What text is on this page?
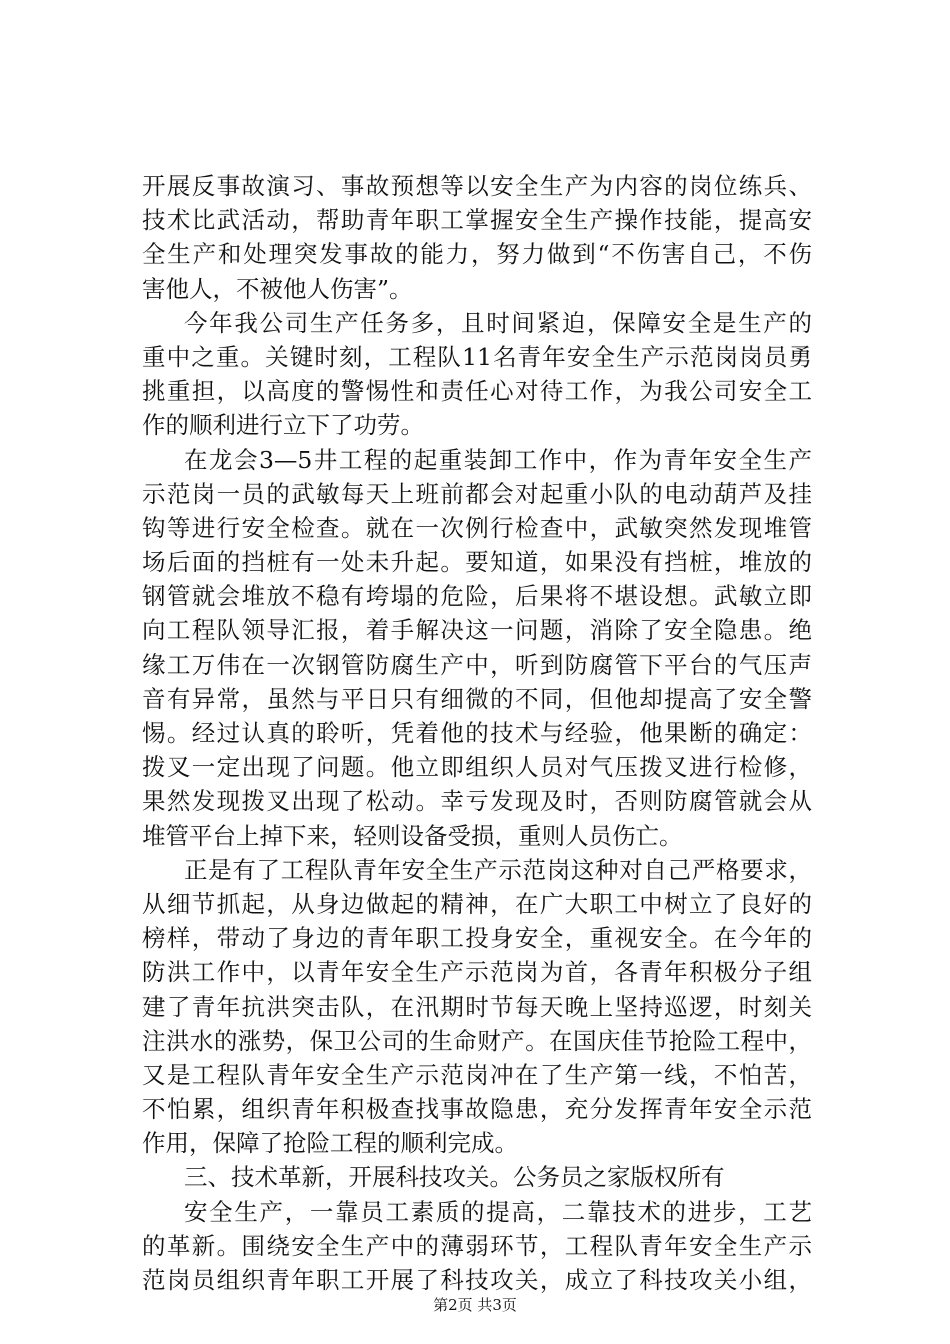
开展反事故演习、事故预想等以安全生产为内容的岗位练兵、
技术比武活动，帮助青年职工掌握安全生产操作技能，提高安
全生产和处理突发事故的能力，努力做到“不伤害自己，不伤
害他人，不被他人伤害”。
今年我公司生产任务多，且时间紧迫，保障安全是生产的
重中之重。关键时刻，工程队11名青年安全生产示范岗岗员勇
挑重担，以高度的警惕性和责任心对待工作，为我公司安全工
作的顺利进行立下了功劳。
在龙会3—5井工程的起重装卸工作中，作为青年安全生产
示范岗一员的武敏每天上班前都会对起重小队的电动葫芦及挂
钩等进行安全检查。就在一次例行检查中，武敏突然发现堆管
场后面的挡桩有一处未升起。要知道，如果没有挡桩，堆放的
钢管就会堆放不稳有垮塌的危险，后果将不堪设想。武敏立即
向工程队领导汇报，着手解决这一问题，消除了安全隐患。绝
缘工万伟在一次钢管防腐生产中，听到防腐管下平台的气压声
音有异常，虽然与平日只有细微的不同，但他却提高了安全警
惕。经过认真的聆听，凭着他的技术与经验，他果断的确定：
拨叉一定出现了问题。他立即组织人员对气压拨叉进行检修，
果然发现拨叉出现了松动。幸亏发现及时，否则防腐管就会从
堆管平台上掉下来，轻则设备受损，重则人员伤亡。
正是有了工程队青年安全生产示范岗这种对自己严格要求，
从细节抓起，从身边做起的精神，在广大职工中树立了良好的
榜样，带动了身边的青年职工投身安全，重视安全。在今年的
防洪工作中，以青年安全生产示范岗为首，各青年积极分子组
建了青年抗洪突击队，在汛期时节每天晚上坚持巡逻，时刻关
注洪水的涨势，保卫公司的生命财产。在国庆佳节抢险工程中，
又是工程队青年安全生产示范岗冲在了生产第一线，不怕苦，
不怕累，组织青年积极查找事故隐患，充分发挥青年安全示范
作用，保障了抢险工程的顺利完成。
三、技术革新，开展科技攻关。公务员之家版权所有
安全生产，一靠员工素质的提高，二靠技术的进步，工艺
的革新。围绕安全生产中的薄弱环节，工程队青年安全生产示
范岗员组织青年职工开展了科技攻关，成立了科技攻关小组，
第2页 共3页
